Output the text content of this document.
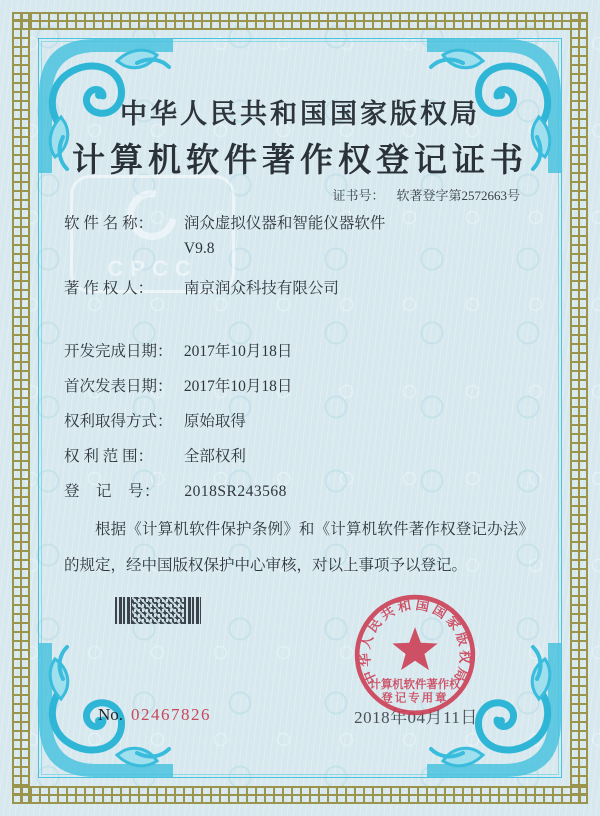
CPCC
中华人民共和国国家版权局
计算机软件著作权登记证书
证书号： 软著登字第2572663号
软 件 名 称： 润众虚拟仪器和智能仪器软件
V9.8
著 作 权 人： 南京润众科技有限公司
开发完成日期： 2017年10月18日
首次发表日期： 2017年10月18日
权利取得方式： 原始取得
权 利 范 围： 全部权利
登　记　号： 2018SR243568

根据《计算机软件保护条例》和《计算机软件著作权登记办法》的规定，经中国版权保护中心审核，对以上事项予以登记。

No. 02467826	2018年04月11日
中华人民共和国国家版权局
计算机软件著作权
登记专用章
